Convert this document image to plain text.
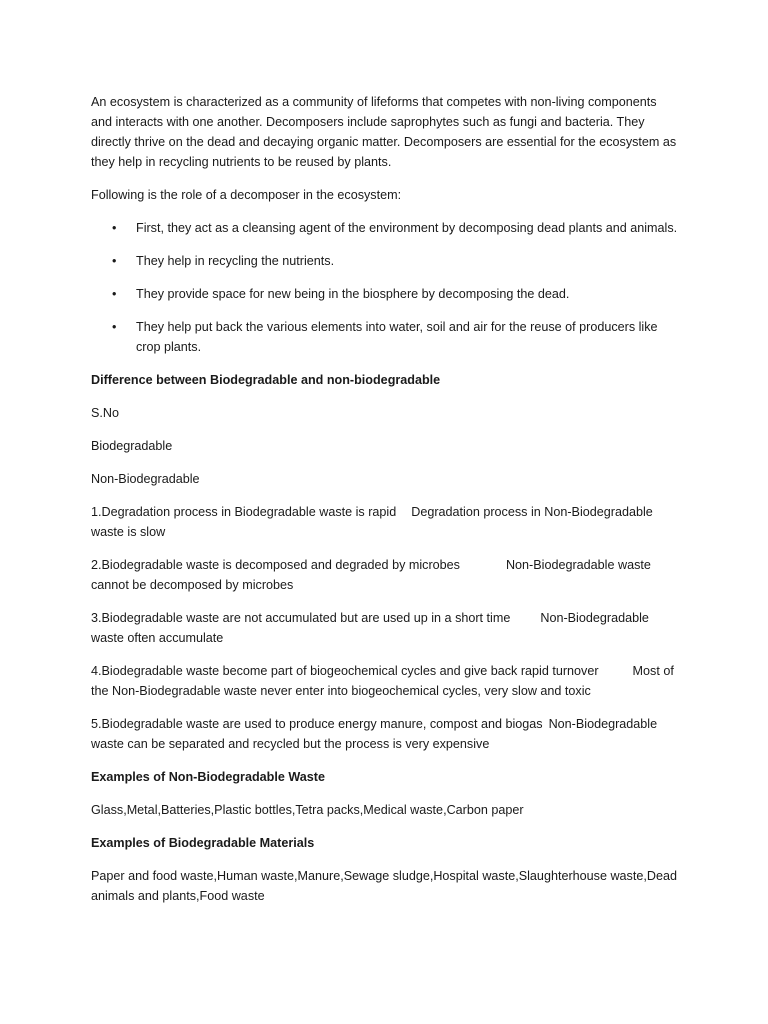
An ecosystem is characterized as a community of lifeforms that competes with non-living components and interacts with one another. Decomposers include saprophytes such as fungi and bacteria. They directly thrive on the dead and decaying organic matter. Decomposers are essential for the ecosystem as they help in recycling nutrients to be reused by plants.

Following is the role of a decomposer in the ecosystem:

• First, they act as a cleansing agent of the environment by decomposing dead plants and animals.
• They help in recycling the nutrients.
• They provide space for new being in the biosphere by decomposing the dead.
• They help put back the various elements into water, soil and air for the reuse of producers like crop plants.

Difference between Biodegradable and non-biodegradable

S.No

Biodegradable

Non-Biodegradable

1.Degradation process in Biodegradable waste is rapid Degradation process in Non-Biodegradable waste is slow

2.Biodegradable waste is decomposed and degraded by microbes	Non-Biodegradable waste cannot be decomposed by microbes

3.Biodegradable waste are not accumulated but are used up in a short time Non-Biodegradable waste often accumulate

4.Biodegradable waste become part of biogeochemical cycles and give back rapid turnover	Most of the Non-Biodegradable waste never enter into biogeochemical cycles, very slow and toxic

5.Biodegradable waste are used to produce energy manure, compost and biogas Non-Biodegradable waste can be separated and recycled but the process is very expensive

Examples of Non-Biodegradable Waste

Glass,Metal,Batteries,Plastic bottles,Tetra packs,Medical waste,Carbon paper

Examples of Biodegradable Materials

Paper and food waste,Human waste,Manure,Sewage sludge,Hospital waste,Slaughterhouse waste,Dead animals and plants,Food waste
